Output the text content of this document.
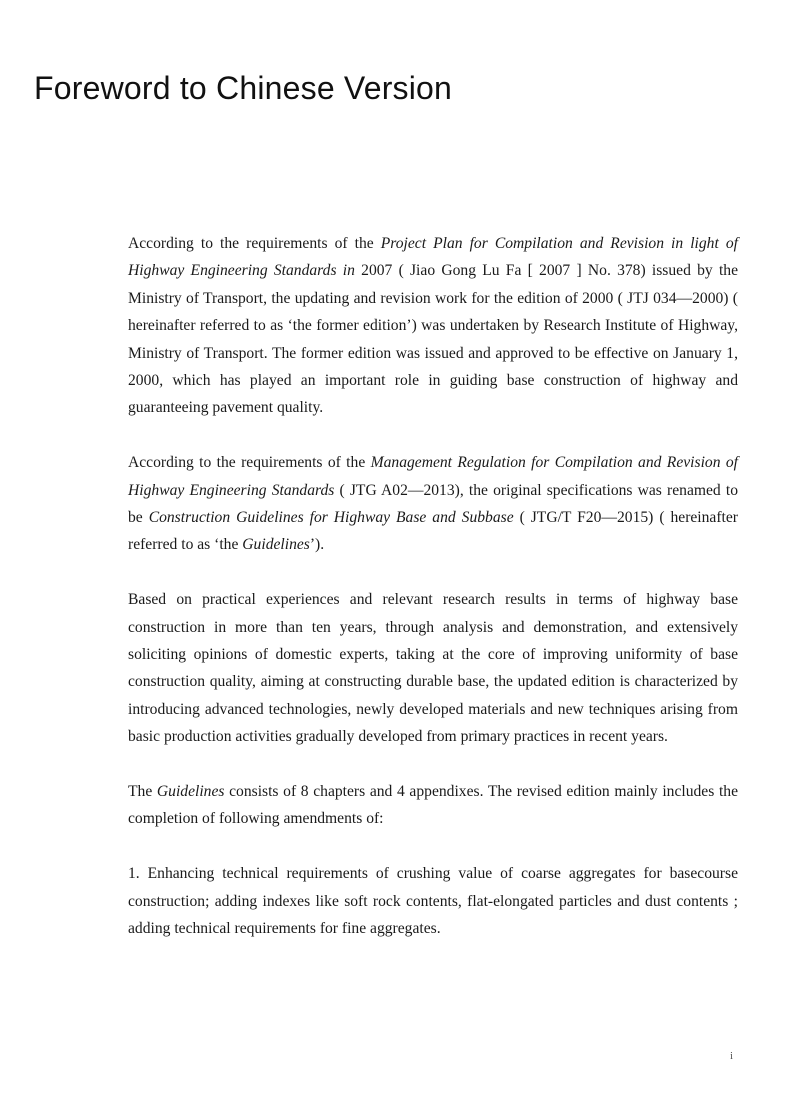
Foreword to Chinese Version

According to the requirements of the Project Plan for Compilation and Revision in light of Highway Engineering Standards in 2007 ( Jiao Gong Lu Fa [ 2007 ] No. 378) issued by the Ministry of Transport, the updating and revision work for the edition of 2000 ( JTJ 034—2000) ( hereinafter referred to as ‘the former edition’) was undertaken by Research Institute of Highway, Ministry of Transport. The former edition was issued and approved to be effective on January 1, 2000, which has played an important role in guiding base construction of highway and guaranteeing pavement quality.

According to the requirements of the Management Regulation for Compilation and Revision of Highway Engineering Standards ( JTG A02—2013), the original specifications was renamed to be Construction Guidelines for Highway Base and Subbase ( JTG/T F20—2015) ( hereinafter referred to as ‘the Guidelines’).

Based on practical experiences and relevant research results in terms of highway base construction in more than ten years, through analysis and demonstration, and extensively soliciting opinions of domestic experts, taking at the core of improving uniformity of base construction quality, aiming at constructing durable base, the updated edition is characterized by introducing advanced technologies, newly developed materials and new techniques arising from basic production activities gradually developed from primary practices in recent years.

The Guidelines consists of 8 chapters and 4 appendixes. The revised edition mainly includes the completion of following amendments of:

1. Enhancing technical requirements of crushing value of coarse aggregates for basecourse construction; adding indexes like soft rock contents, flat-elongated particles and dust contents ; adding technical requirements for fine aggregates.

i
